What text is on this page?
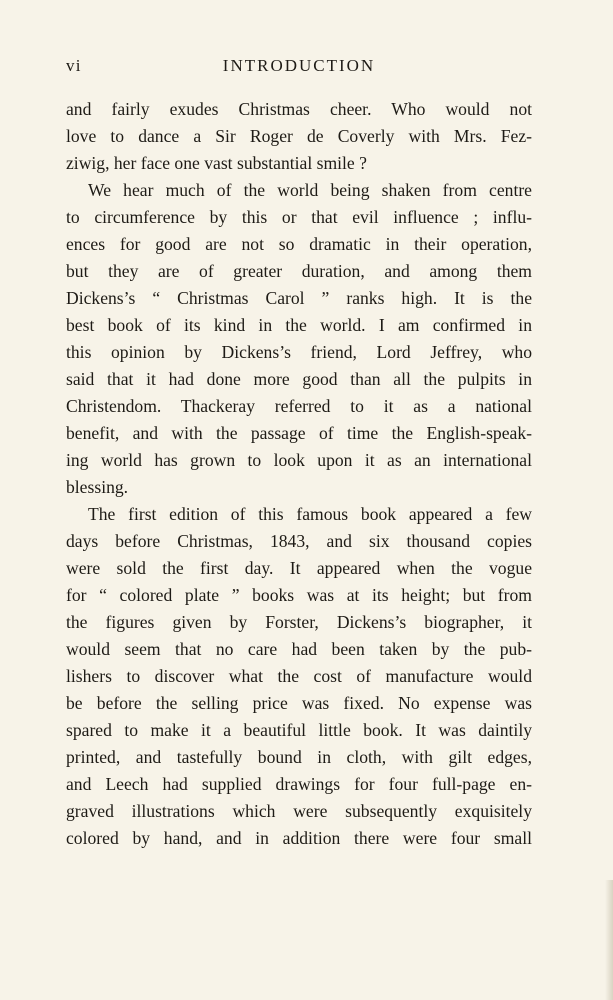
vi	INTRODUCTION
and fairly exudes Christmas cheer. Who would not
love to dance a Sir Roger de Coverly with Mrs. Fez-
ziwig, her face one vast substantial smile ?
We hear much of the world being shaken from centre
to circumference by this or that evil influence ; influ-
ences for good are not so dramatic in their operation,
but they are of greater duration, and among them
Dickens’s “ Christmas Carol ” ranks high. It is the
best book of its kind in the world. I am confirmed in
this opinion by Dickens’s friend, Lord Jeffrey, who
said that it had done more good than all the pulpits in
Christendom. Thackeray referred to it as a national
benefit, and with the passage of time the English-speak-
ing world has grown to look upon it as an international
blessing.
The first edition of this famous book appeared a few
days before Christmas, 1843, and six thousand copies
were sold the first day. It appeared when the vogue
for “ colored plate ” books was at its height; but from
the figures given by Forster, Dickens’s biographer, it
would seem that no care had been taken by the pub-
lishers to discover what the cost of manufacture would
be before the selling price was fixed. No expense was
spared to make it a beautiful little book. It was daintily
printed, and tastefully bound in cloth, with gilt edges,
and Leech had supplied drawings for four full-page en-
graved illustrations which were subsequently exquisitely
colored by hand, and in addition there were four small
